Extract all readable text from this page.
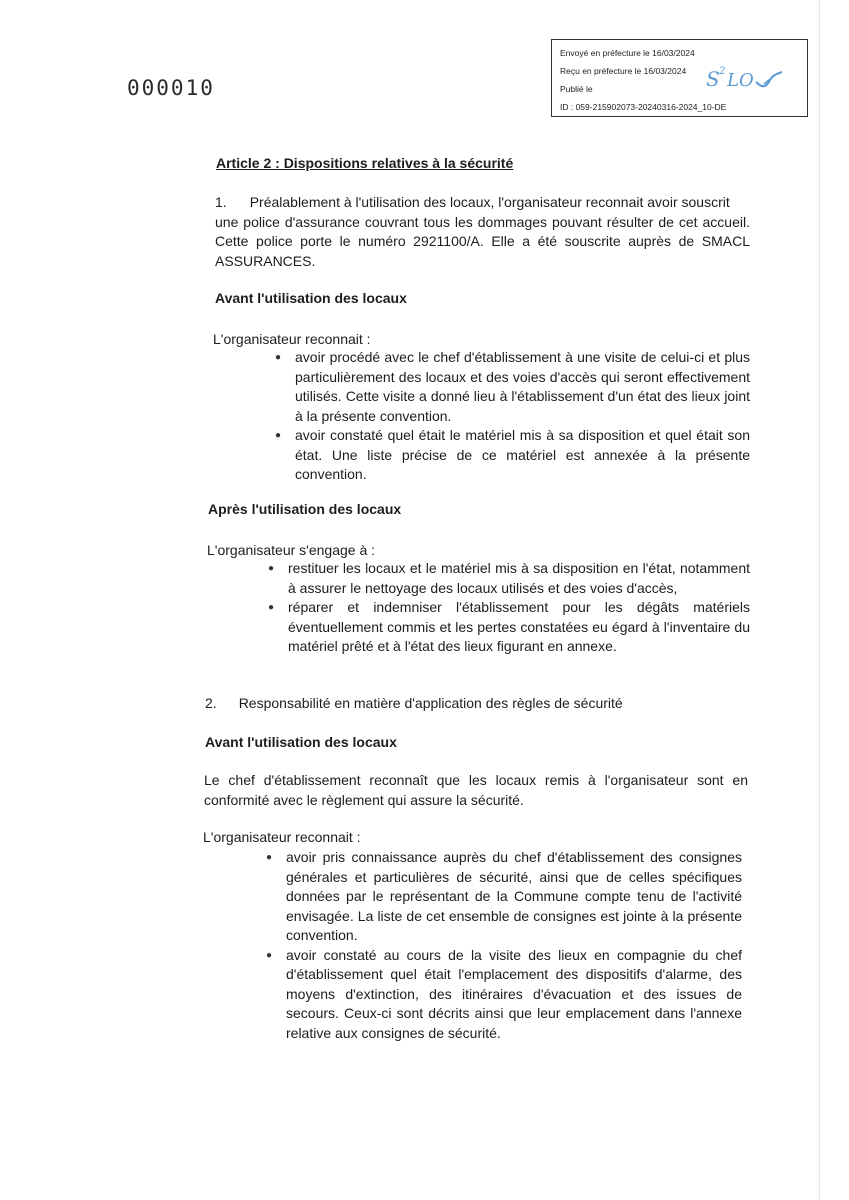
000010
Envoyé en préfecture le 16/03/2024
Reçu en préfecture le 16/03/2024
Publié le
ID : 059-215902073-20240316-2024_10-DE
S 2 LO
Article 2 : Dispositions relatives à la sécurité
1. Préalablement à l'utilisation des locaux, l'organisateur reconnait avoir souscrit
une police d'assurance couvrant tous les dommages pouvant résulter de cet accueil. Cette police porte le numéro 2921100/A. Elle a été souscrite auprès de SMACL ASSURANCES.
Avant l'utilisation des locaux
L'organisateur reconnait :
● avoir procédé avec le chef d'établissement à une visite de celui-ci et plus particulièrement des locaux et des voies d'accès qui seront effectivement utilisés. Cette visite a donné lieu à l'établissement d'un état des lieux joint à la présente convention.
● avoir constaté quel était le matériel mis à sa disposition et quel était son état. Une liste précise de ce matériel est annexée à la présente convention.
Après l'utilisation des locaux
L'organisateur s'engage à :
● restituer les locaux et le matériel mis à sa disposition en l'état, notamment à assurer le nettoyage des locaux utilisés et des voies d'accès,
● réparer et indemniser l'établissement pour les dégâts matériels éventuellement commis et les pertes constatées eu égard à l'inventaire du matériel prêté et à l'état des lieux figurant en annexe.
2. Responsabilité en matière d'application des règles de sécurité
Avant l'utilisation des locaux
Le chef d'établissement reconnaît que les locaux remis à l'organisateur sont en conformité avec le règlement qui assure la sécurité.
L'organisateur reconnait :
● avoir pris connaissance auprès du chef d'établissement des consignes générales et particulières de sécurité, ainsi que de celles spécifiques données par le représentant de la Commune compte tenu de l'activité envisagée. La liste de cet ensemble de consignes est jointe à la présente convention.
● avoir constaté au cours de la visite des lieux en compagnie du chef d'établissement quel était l'emplacement des dispositifs d'alarme, des moyens d'extinction, des itinéraires d'évacuation et des issues de secours. Ceux-ci sont décrits ainsi que leur emplacement dans l'annexe relative aux consignes de sécurité.
